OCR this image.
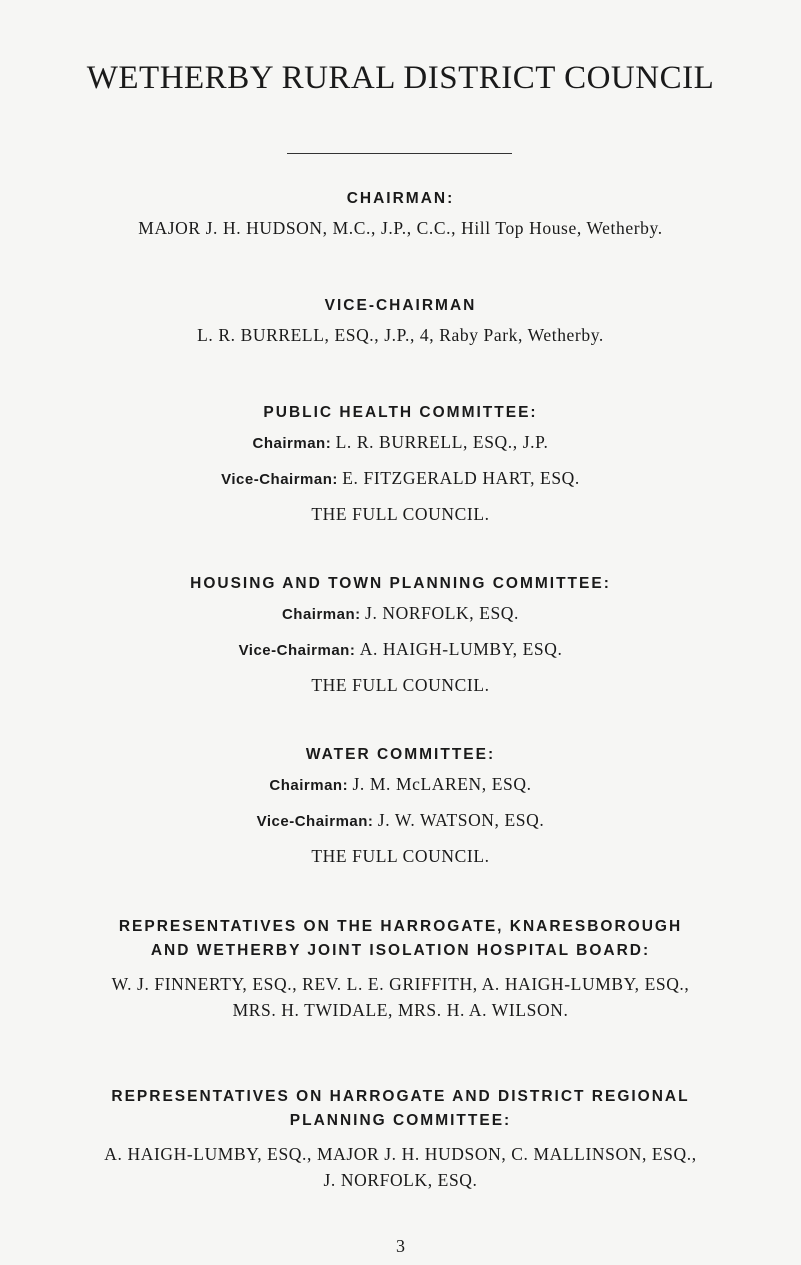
WETHERBY RURAL DISTRICT COUNCIL
CHAIRMAN:
MAJOR J. H. HUDSON, M.C., J.P., C.C., Hill Top House, Wetherby.
VICE-CHAIRMAN
L. R. BURRELL, ESQ., J.P., 4, Raby Park, Wetherby.
PUBLIC HEALTH COMMITTEE:
Chairman: L. R. BURRELL, ESQ., J.P.
Vice-Chairman: E. FITZGERALD HART, ESQ.
THE FULL COUNCIL.
HOUSING AND TOWN PLANNING COMMITTEE:
Chairman: J. NORFOLK, ESQ.
Vice-Chairman: A. HAIGH-LUMBY, ESQ.
THE FULL COUNCIL.
WATER COMMITTEE:
Chairman: J. M. McLAREN, ESQ.
Vice-Chairman: J. W. WATSON, ESQ.
THE FULL COUNCIL.
REPRESENTATIVES ON THE HARROGATE, KNARESBOROUGH
AND WETHERBY JOINT ISOLATION HOSPITAL BOARD:
W. J. FINNERTY, ESQ., REV. L. E. GRIFFITH, A. HAIGH-LUMBY, ESQ.,
MRS. H. TWIDALE, MRS. H. A. WILSON.
REPRESENTATIVES ON HARROGATE AND DISTRICT REGIONAL
PLANNING COMMITTEE:
A. HAIGH-LUMBY, ESQ., MAJOR J. H. HUDSON, C. MALLINSON, ESQ.,
J. NORFOLK, ESQ.
3
